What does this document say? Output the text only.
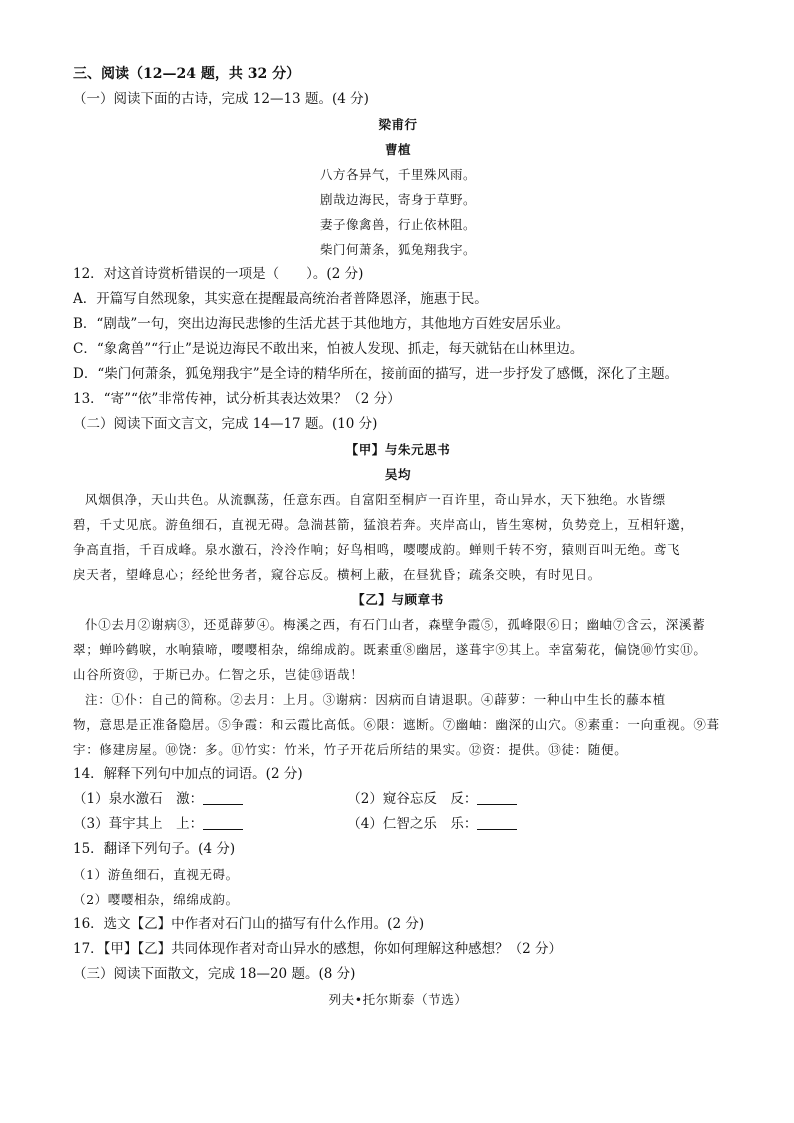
三、阅读（12—24 题，共 32 分）
（一）阅读下面的古诗，完成 12—13 题。(4 分)
梁甫行
曹植
八方各异气，千里殊风雨。
剧哉边海民，寄身于草野。
妻子像禽兽，行止依林阻。
柴门何萧条，狐兔翔我宇。
12．对这首诗赏析错误的一项是（　　）。(2 分)
A．开篇写自然现象，其实意在提醒最高统治者普降恩泽，施惠于民。
B．“剧哉”一句，突出边海民悲惨的生活尤甚于其他地方，其他地方百姓安居乐业。
C．“象禽兽”“行止”是说边海民不敢出来，怕被人发现、抓走，每天就钻在山林里边。
D．“柴门何萧条，狐兔翔我宇”是全诗的精华所在，接前面的描写，进一步抒发了感慨，深化了主题。
13．“寄”“依”非常传神，试分析其表达效果？（2 分）
（二）阅读下面文言文，完成 14—17 题。(10 分)
【甲】与朱元思书
吴均
风烟俱净，天山共色。从流飘荡，任意东西。自富阳至桐庐一百许里，奇山异水，天下独绝。水皆缥
碧，千丈见底。游鱼细石，直视无碍。急湍甚箭，猛浪若奔。夹岸高山，皆生寒树，负势竞上，互相轩邈，
争高直指，千百成峰。泉水激石，泠泠作响；好鸟相鸣，嘤嘤成韵。蝉则千转不穷，猿则百叫无绝。鸢飞
戾天者，望峰息心；经纶世务者，窥谷忘反。横柯上蔽，在昼犹昏；疏条交映，有时见日。
【乙】与顾章书
仆①去月②谢病③，还觅薜萝④。梅溪之西，有石门山者，森壁争霞⑤，孤峰限⑥日；幽岫⑦含云，深溪蓄
翠；蝉吟鹤唳，水响猿啼，嘤嘤相杂，绵绵成韵。既素重⑧幽居，遂葺宇⑨其上。幸富菊花，偏饶⑩竹实⑪。
山谷所资⑫，于斯已办。仁智之乐，岂徒⑬语哉！
注：①仆：自己的简称。②去月：上月。③谢病：因病而自请退职。④薜萝：一种山中生长的藤本植
物，意思是正准备隐居。⑤争霞：和云霞比高低。⑥限：遮断。⑦幽岫：幽深的山穴。⑧素重：一向重视。⑨葺
宇：修建房屋。⑩饶：多。⑪竹实：竹米，竹子开花后所结的果实。⑫资：提供。⑬徒：随便。
14．解释下列句中加点的词语。(2 分)
（1）泉水激石　激：	（2）窥谷忘反　反：
（3）葺宇其上　上：	（4）仁智之乐　乐：
15．翻译下列句子。(4 分)
（1）游鱼细石，直视无碍。
（2）嘤嘤相杂，绵绵成韵。
16．选文【乙】中作者对石门山的描写有什么作用。(2 分)
17．【甲】【乙】共同体现作者对奇山异水的感想，你如何理解这种感想？（2 分）
（三）阅读下面散文，完成 18—20 题。(8 分)
列夫•托尔斯泰（节选）
